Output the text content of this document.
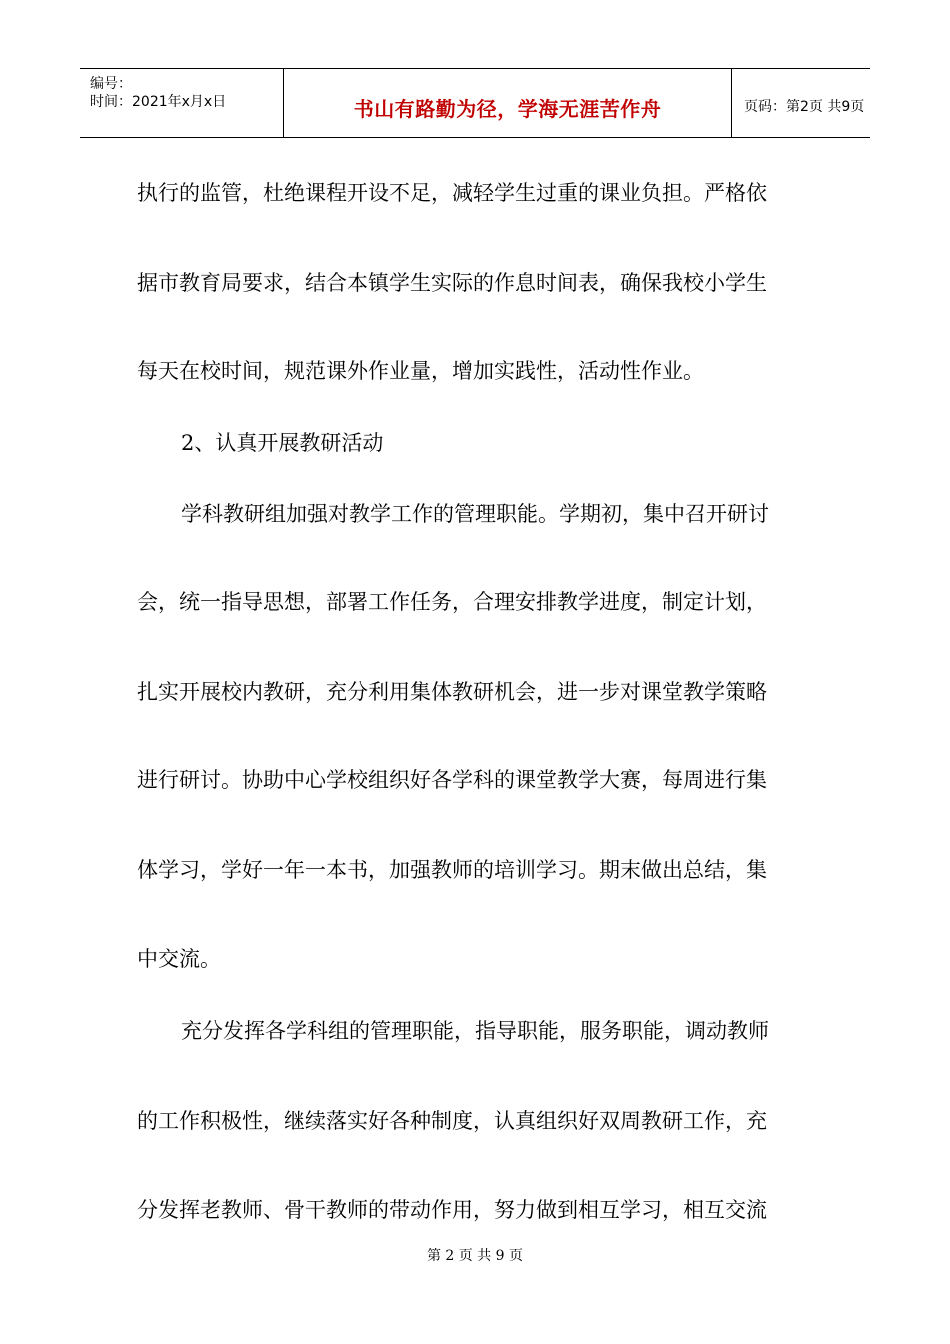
编号：
时间：2021年x月x日	书山有路勤为径，学海无涯苦作舟	页码：第2页 共9页
执行的监管，杜绝课程开设不足，减轻学生过重的课业负担。严格依
据市教育局要求，结合本镇学生实际的作息时间表，确保我校小学生
每天在校时间，规范课外作业量，增加实践性，活动性作业。
2、认真开展教研活动
学科教研组加强对教学工作的管理职能。学期初，集中召开研讨
会，统一指导思想，部署工作任务，合理安排教学进度，制定计划，
扎实开展校内教研，充分利用集体教研机会，进一步对课堂教学策略
进行研讨。协助中心学校组织好各学科的课堂教学大赛，每周进行集
体学习，学好一年一本书，加强教师的培训学习。期末做出总结，集
中交流。
充分发挥各学科组的管理职能，指导职能，服务职能，调动教师
的工作积极性，继续落实好各种制度，认真组织好双周教研工作，充
分发挥老教师、骨干教师的带动作用，努力做到相互学习，相互交流
第 2 页 共 9 页
